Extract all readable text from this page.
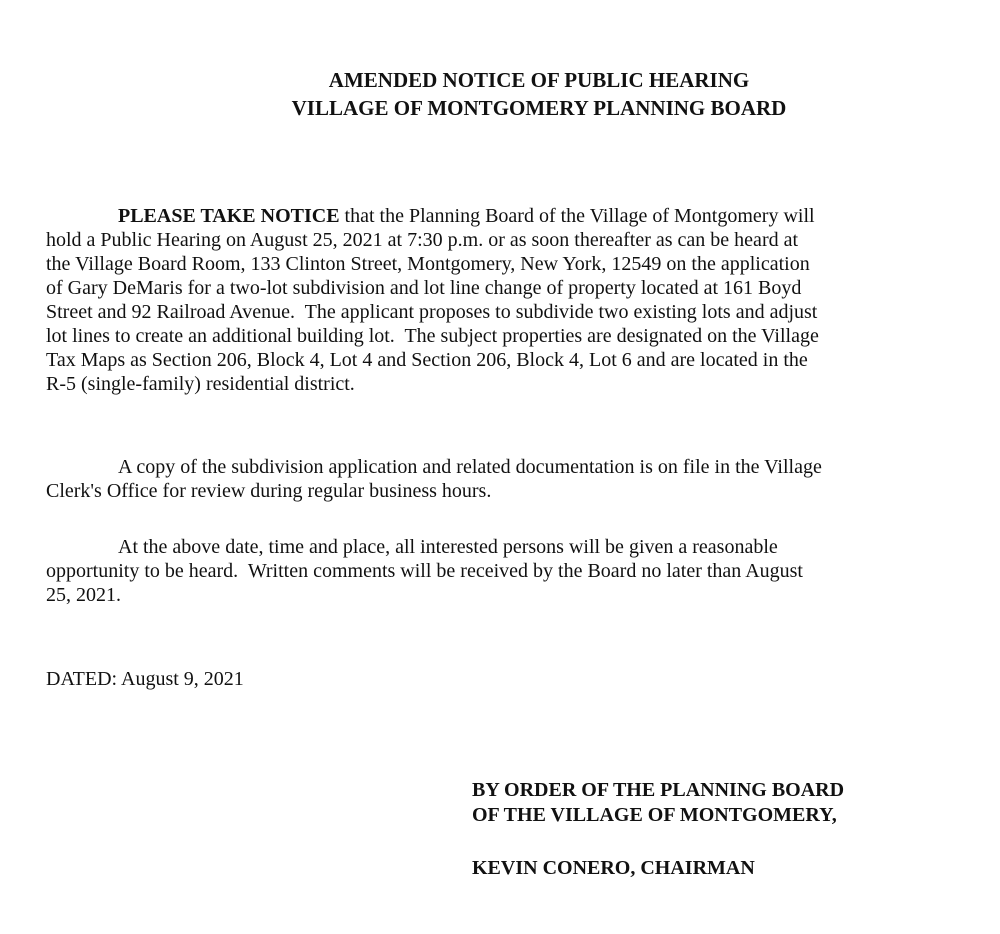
AMENDED NOTICE OF PUBLIC HEARING
VILLAGE OF MONTGOMERY PLANNING BOARD
PLEASE TAKE NOTICE that the Planning Board of the Village of Montgomery will
hold a Public Hearing on August 25, 2021 at 7:30 p.m. or as soon thereafter as can be heard at
the Village Board Room, 133 Clinton Street, Montgomery, New York, 12549 on the application
of Gary DeMaris for a two-lot subdivision and lot line change of property located at 161 Boyd
Street and 92 Railroad Avenue.  The applicant proposes to subdivide two existing lots and adjust
lot lines to create an additional building lot.  The subject properties are designated on the Village
Tax Maps as Section 206, Block 4, Lot 4 and Section 206, Block 4, Lot 6 and are located in the
R-5 (single-family) residential district.
A copy of the subdivision application and related documentation is on file in the Village
Clerk's Office for review during regular business hours.
At the above date, time and place, all interested persons will be given a reasonable
opportunity to be heard.  Written comments will be received by the Board no later than August
25, 2021.
DATED: August 9, 2021
BY ORDER OF THE PLANNING BOARD
OF THE VILLAGE OF MONTGOMERY,
KEVIN CONERO, CHAIRMAN
